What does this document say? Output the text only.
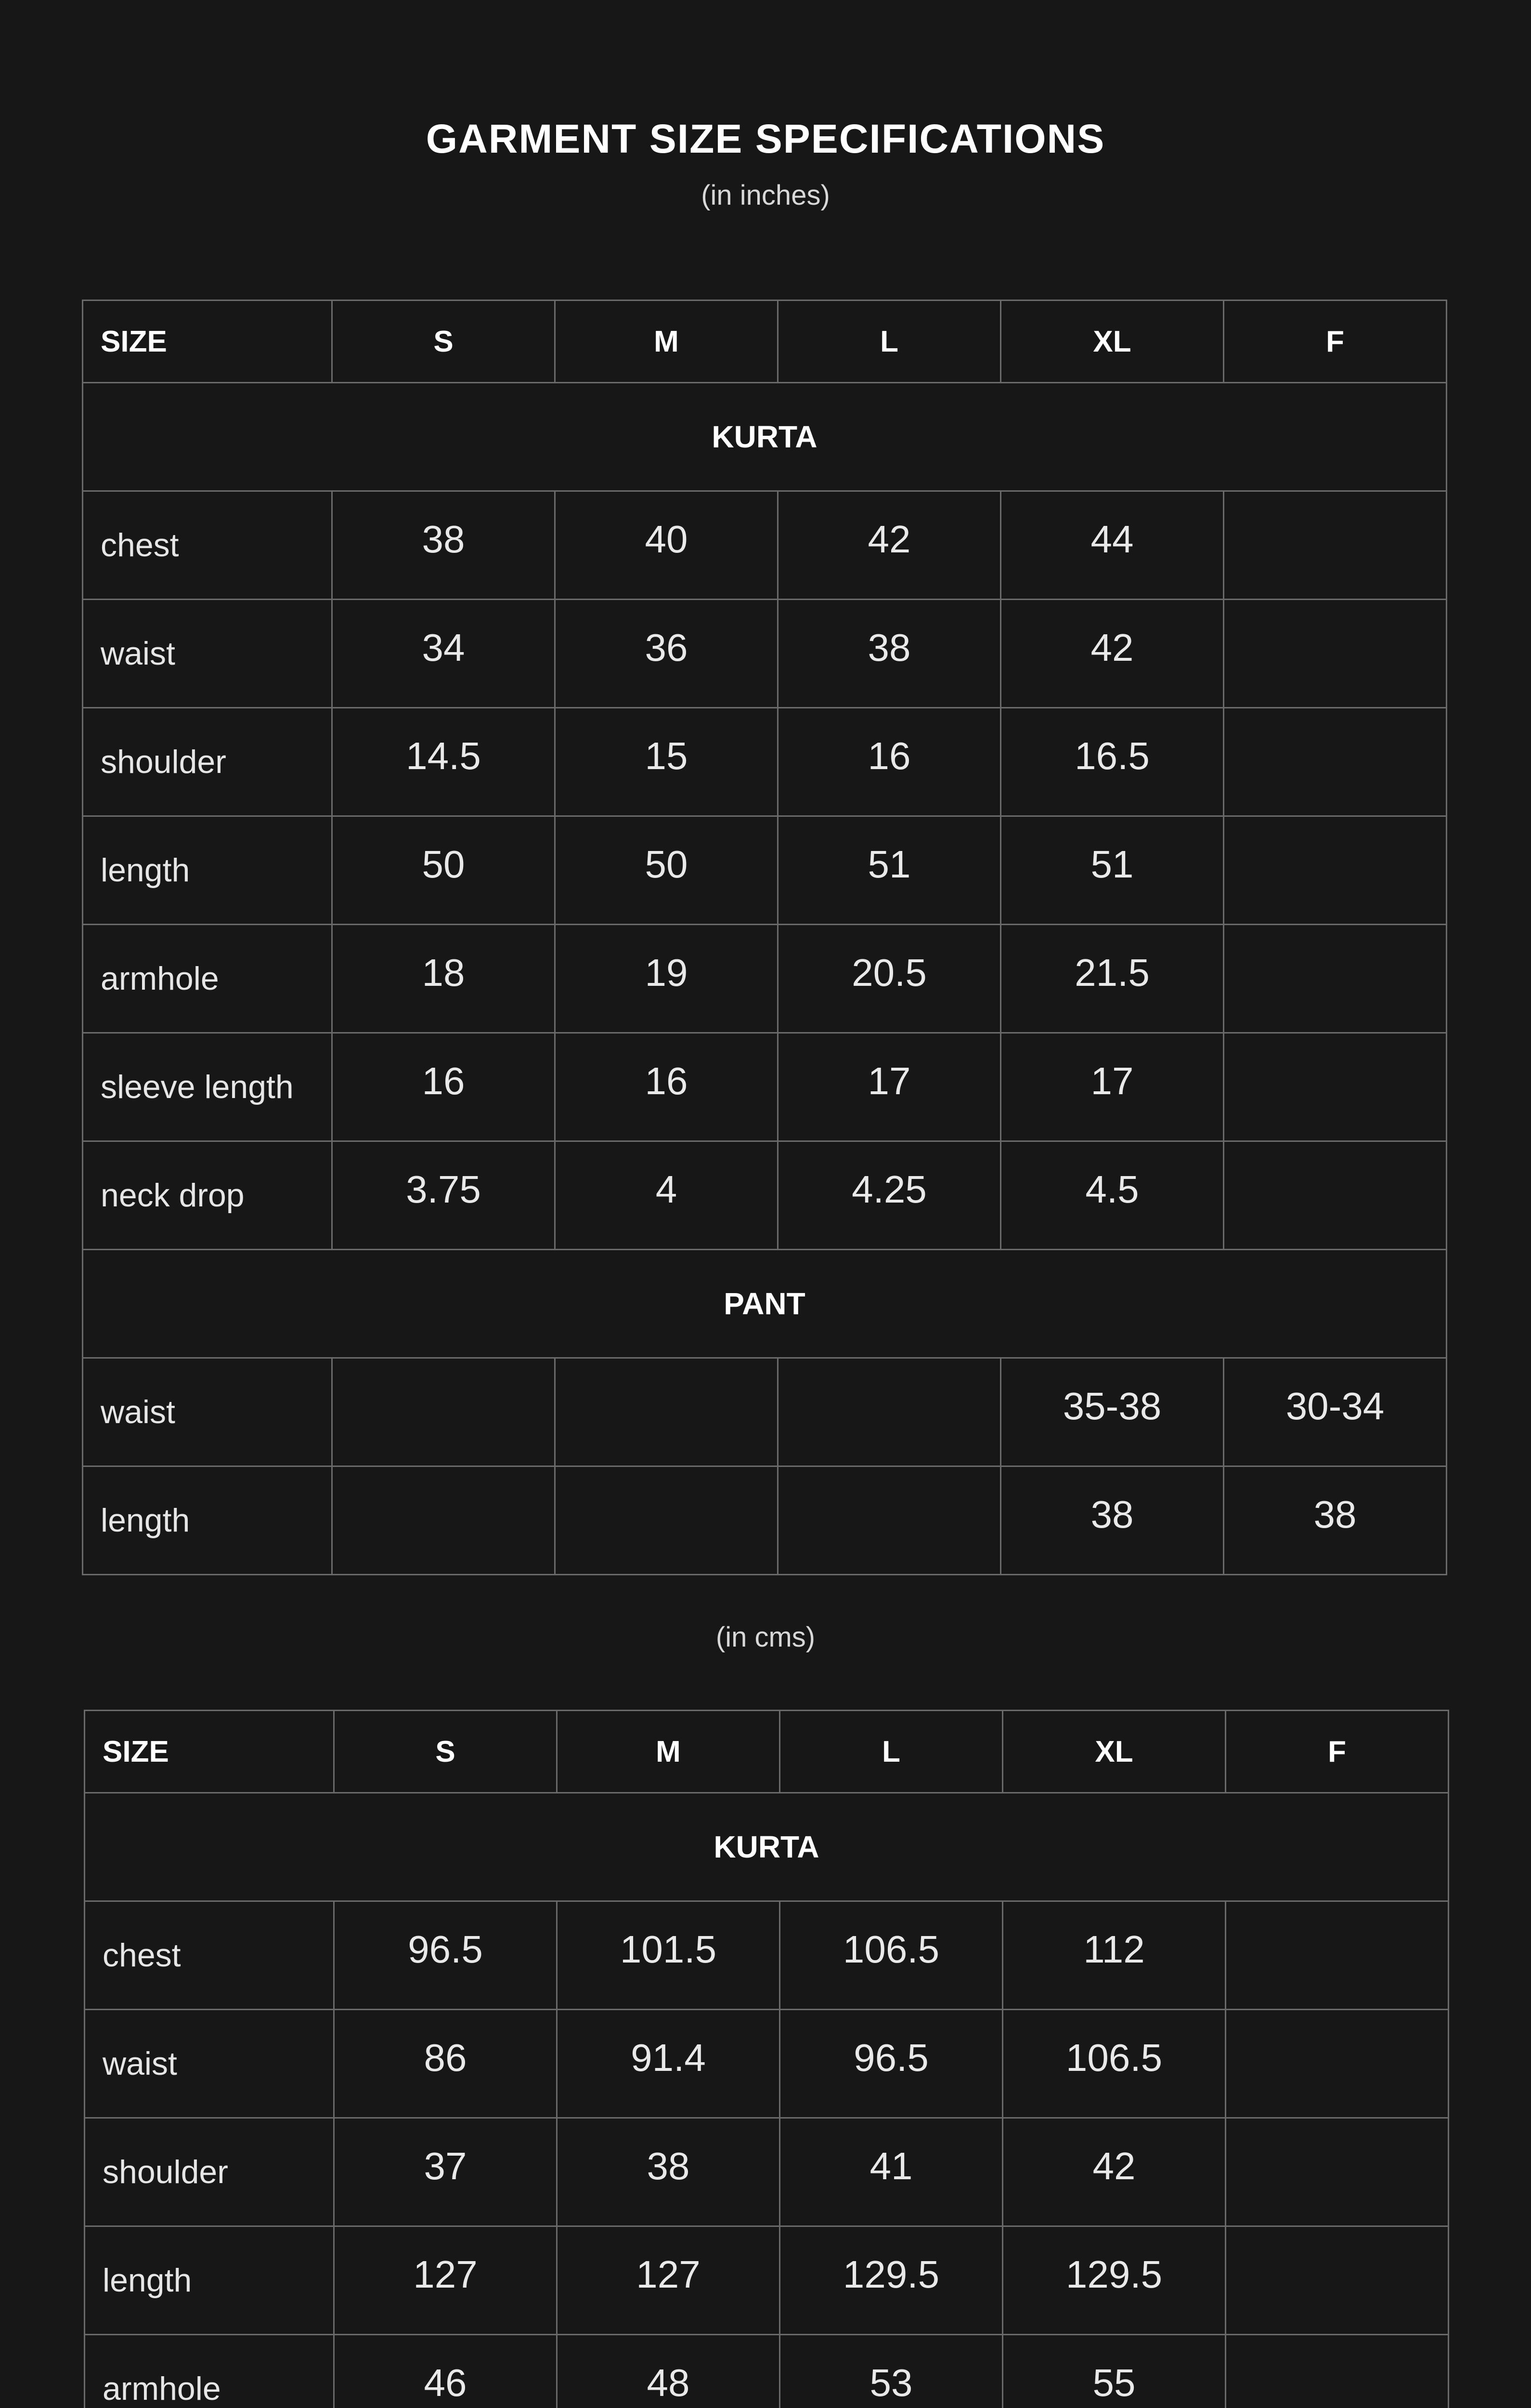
GARMENT SIZE SPECIFICATIONS
(in inches)
SIZE	S	M	L	XL	F
KURTA					
chest	38	40	42	44	
waist	34	36	38	42	
shoulder	14.5	15	16	16.5	
length	50	50	51	51	
armhole	18	19	20.5	21.5	
sleeve length	16	16	17	17	
neck drop	3.75	4	4.25	4.5	
PANT					
waist				35-38	30-34
length				38	38
(in cms)
SIZE	S	M	L	XL	F
KURTA					
chest	96.5	101.5	106.5	112	
waist	86	91.4	96.5	106.5	
shoulder	37	38	41	42	
length	127	127	129.5	129.5	
armhole	46	48	53	55	
